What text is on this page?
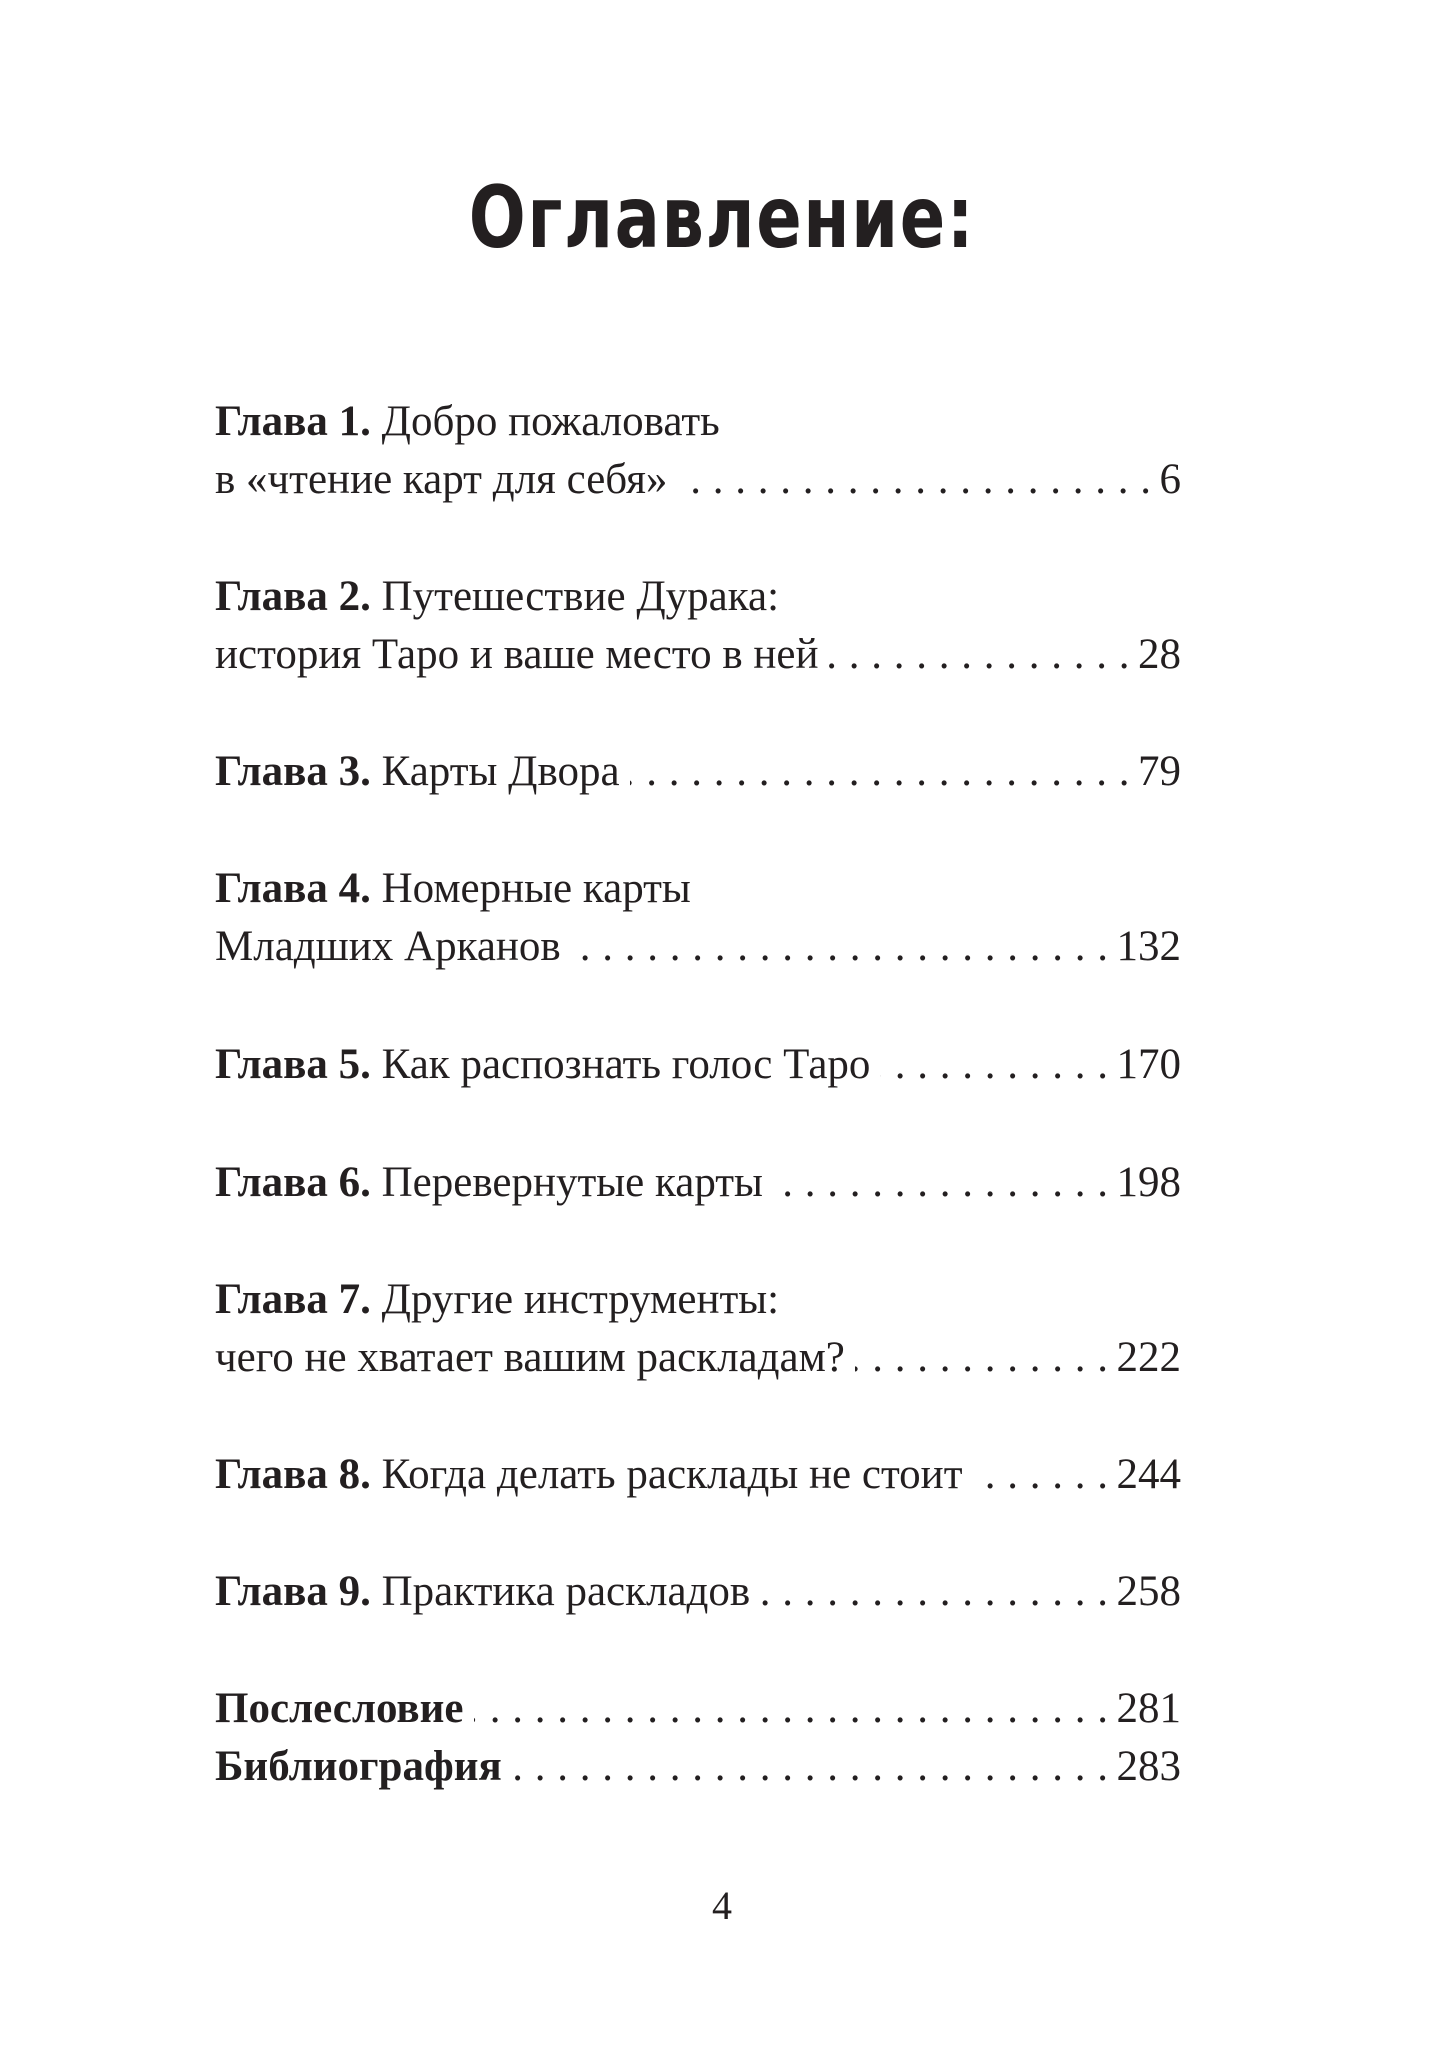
Оглавление:
Глава 1.
Добро пожаловать
в «чтение карт для себя» . . .	6
Глава 2.
Путешествие Дурака:
история Таро и ваше место в ней . . .	28
Глава 3.
Карты Двора . . .	79
Глава 4.
Номерные карты
Младших Арканов . . .	132
Глава 5.
Как распознать голос Таро . . .	170
Глава 6.
Перевернутые карты . . .	198
Глава 7.
Другие инструменты:
чего не хватает вашим раскладам? . . .	222
Глава 8.
Когда делать расклады не стоит . . .	244
Глава 9.
Практика раскладов . . .	258
Послесловие . . .	281
Библиография . . .	283
4
